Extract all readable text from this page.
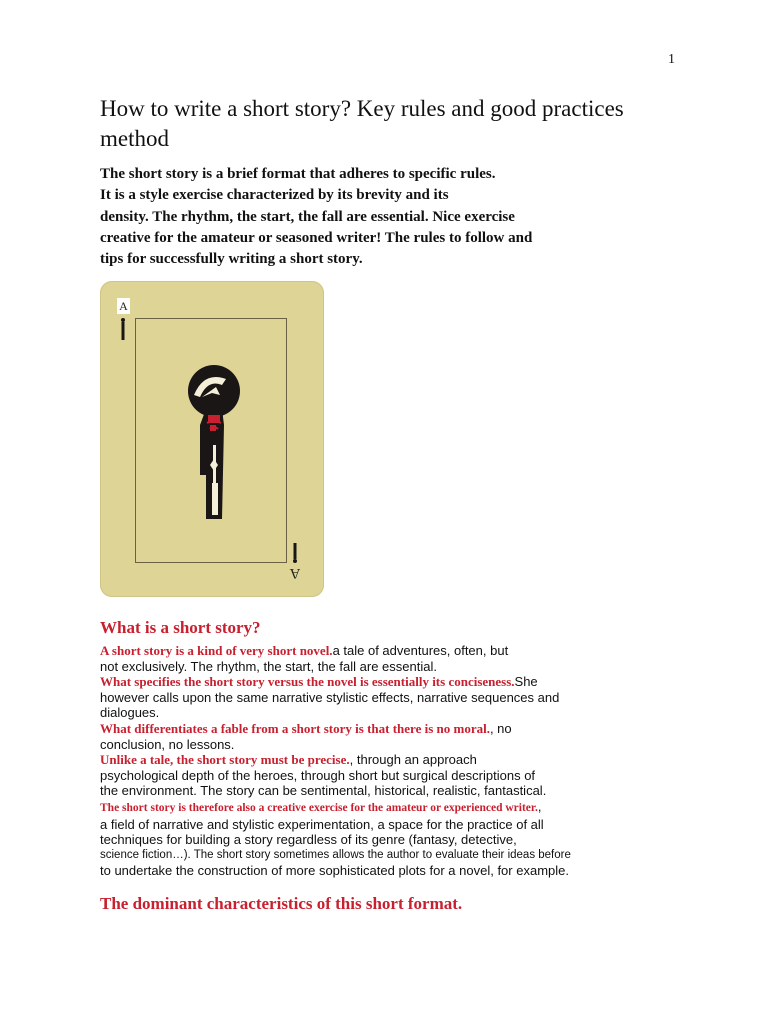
1
How to write a short story? Key rules and good practices method
The short story is a brief format that adheres to specific rules.
It is a style exercise characterized by its brevity and its
density. The rhythm, the start, the fall are essential. Nice exercise
creative for the amateur or seasoned writer! The rules to follow and
tips for successfully writing a short story.
A
A
What is a short story?
A short story is a kind of very short novel.a tale of adventures, often, but
not exclusively. The rhythm, the start, the fall are essential.
What specifies the short story versus the novel is essentially its conciseness.She
however calls upon the same narrative stylistic effects, narrative sequences and
dialogues.
What differentiates a fable from a short story is that there is no moral., no
conclusion, no lessons.
Unlike a tale, the short story must be precise., through an approach
psychological depth of the heroes, through short but surgical descriptions of
the environment. The story can be sentimental, historical, realistic, fantastical.
The short story is therefore also a creative exercise for the amateur or experienced writer.,
a field of narrative and stylistic experimentation, a space for the practice of all
techniques for building a story regardless of its genre (fantasy, detective,
science fiction…). The short story sometimes allows the author to evaluate their ideas before
to undertake the construction of more sophisticated plots for a novel, for example.
The dominant characteristics of this short format.
